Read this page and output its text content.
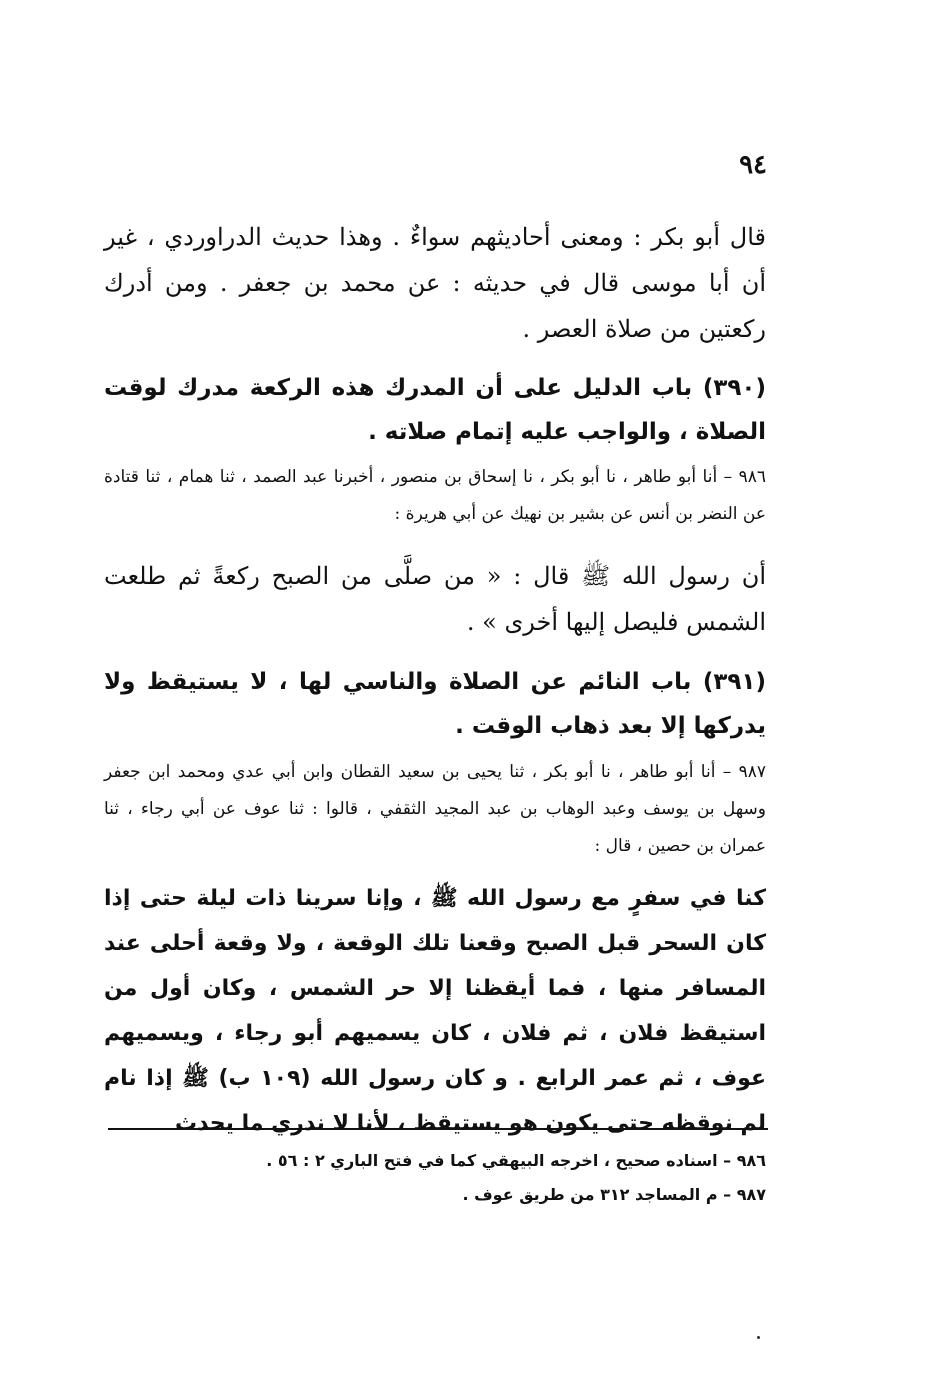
٩٤
قال أبو بكر : ومعنى أحاديثهم سواءٌ . وهذا حديث الدراوردي ، غير أن أبا موسى قال في حديثه : عن محمد بن جعفر . ومن أدرك ركعتين من صلاة العصر .
(٣٩٠) باب الدليل على أن المدرك هذه الركعة مدرك لوقت الصلاة ، والواجب عليه إتمام صلاته .
٩٨٦ – أنا أبو طاهر ، نا أبو بكر ، نا إسحاق بن منصور ، أخبرنا عبد الصمد ، ثنا همام ، ثنا قتادة عن النضر بن أنس عن بشير بن نهيك عن أبي هريرة :
أن رسول الله ﷺ قال : « من صلَّى من الصبح ركعةً ثم طلعت الشمس فليصل إليها أخرى » .
(٣٩١) باب النائم عن الصلاة والناسي لها ، لا يستيقظ ولا يدركها إلا بعد ذهاب الوقت .
٩٨٧ – أنا أبو طاهر ، نا أبو بكر ، ثنا يحيى بن سعيد القطان وابن أبي عدي ومحمد ابن جعفر وسهل بن يوسف وعبد الوهاب بن عبد المجيد الثقفي ، قالوا : ثنا عوف عن أبي رجاء ، ثنا عمران بن حصين ، قال :
كنا في سفرٍ مع رسول الله ﷺ ، وإنا سرينا ذات ليلة حتى إذا كان السحر قبل الصبح وقعنا تلك الوقعة ، ولا وقعة أحلى عند المسافر منها ، فما أيقظنا إلا حر الشمس ، وكان أول من استيقظ فلان ، ثم فلان ، كان يسميهم أبو رجاء ، ويسميهم عوف ، ثم عمر الرابع . و كان رسول الله (١٠٩ ب) ﷺ إذا نام لم نوقظه حتى يكون هو يستيقظ ، لأنا لا ندري ما يحدث
٩٨٦ – اسناده صحيح ، اخرجه البيهقي كما في فتح الباري ٢ : ٥٦ .
٩٨٧ – م المساجد ٣١٢ من طريق عوف .
